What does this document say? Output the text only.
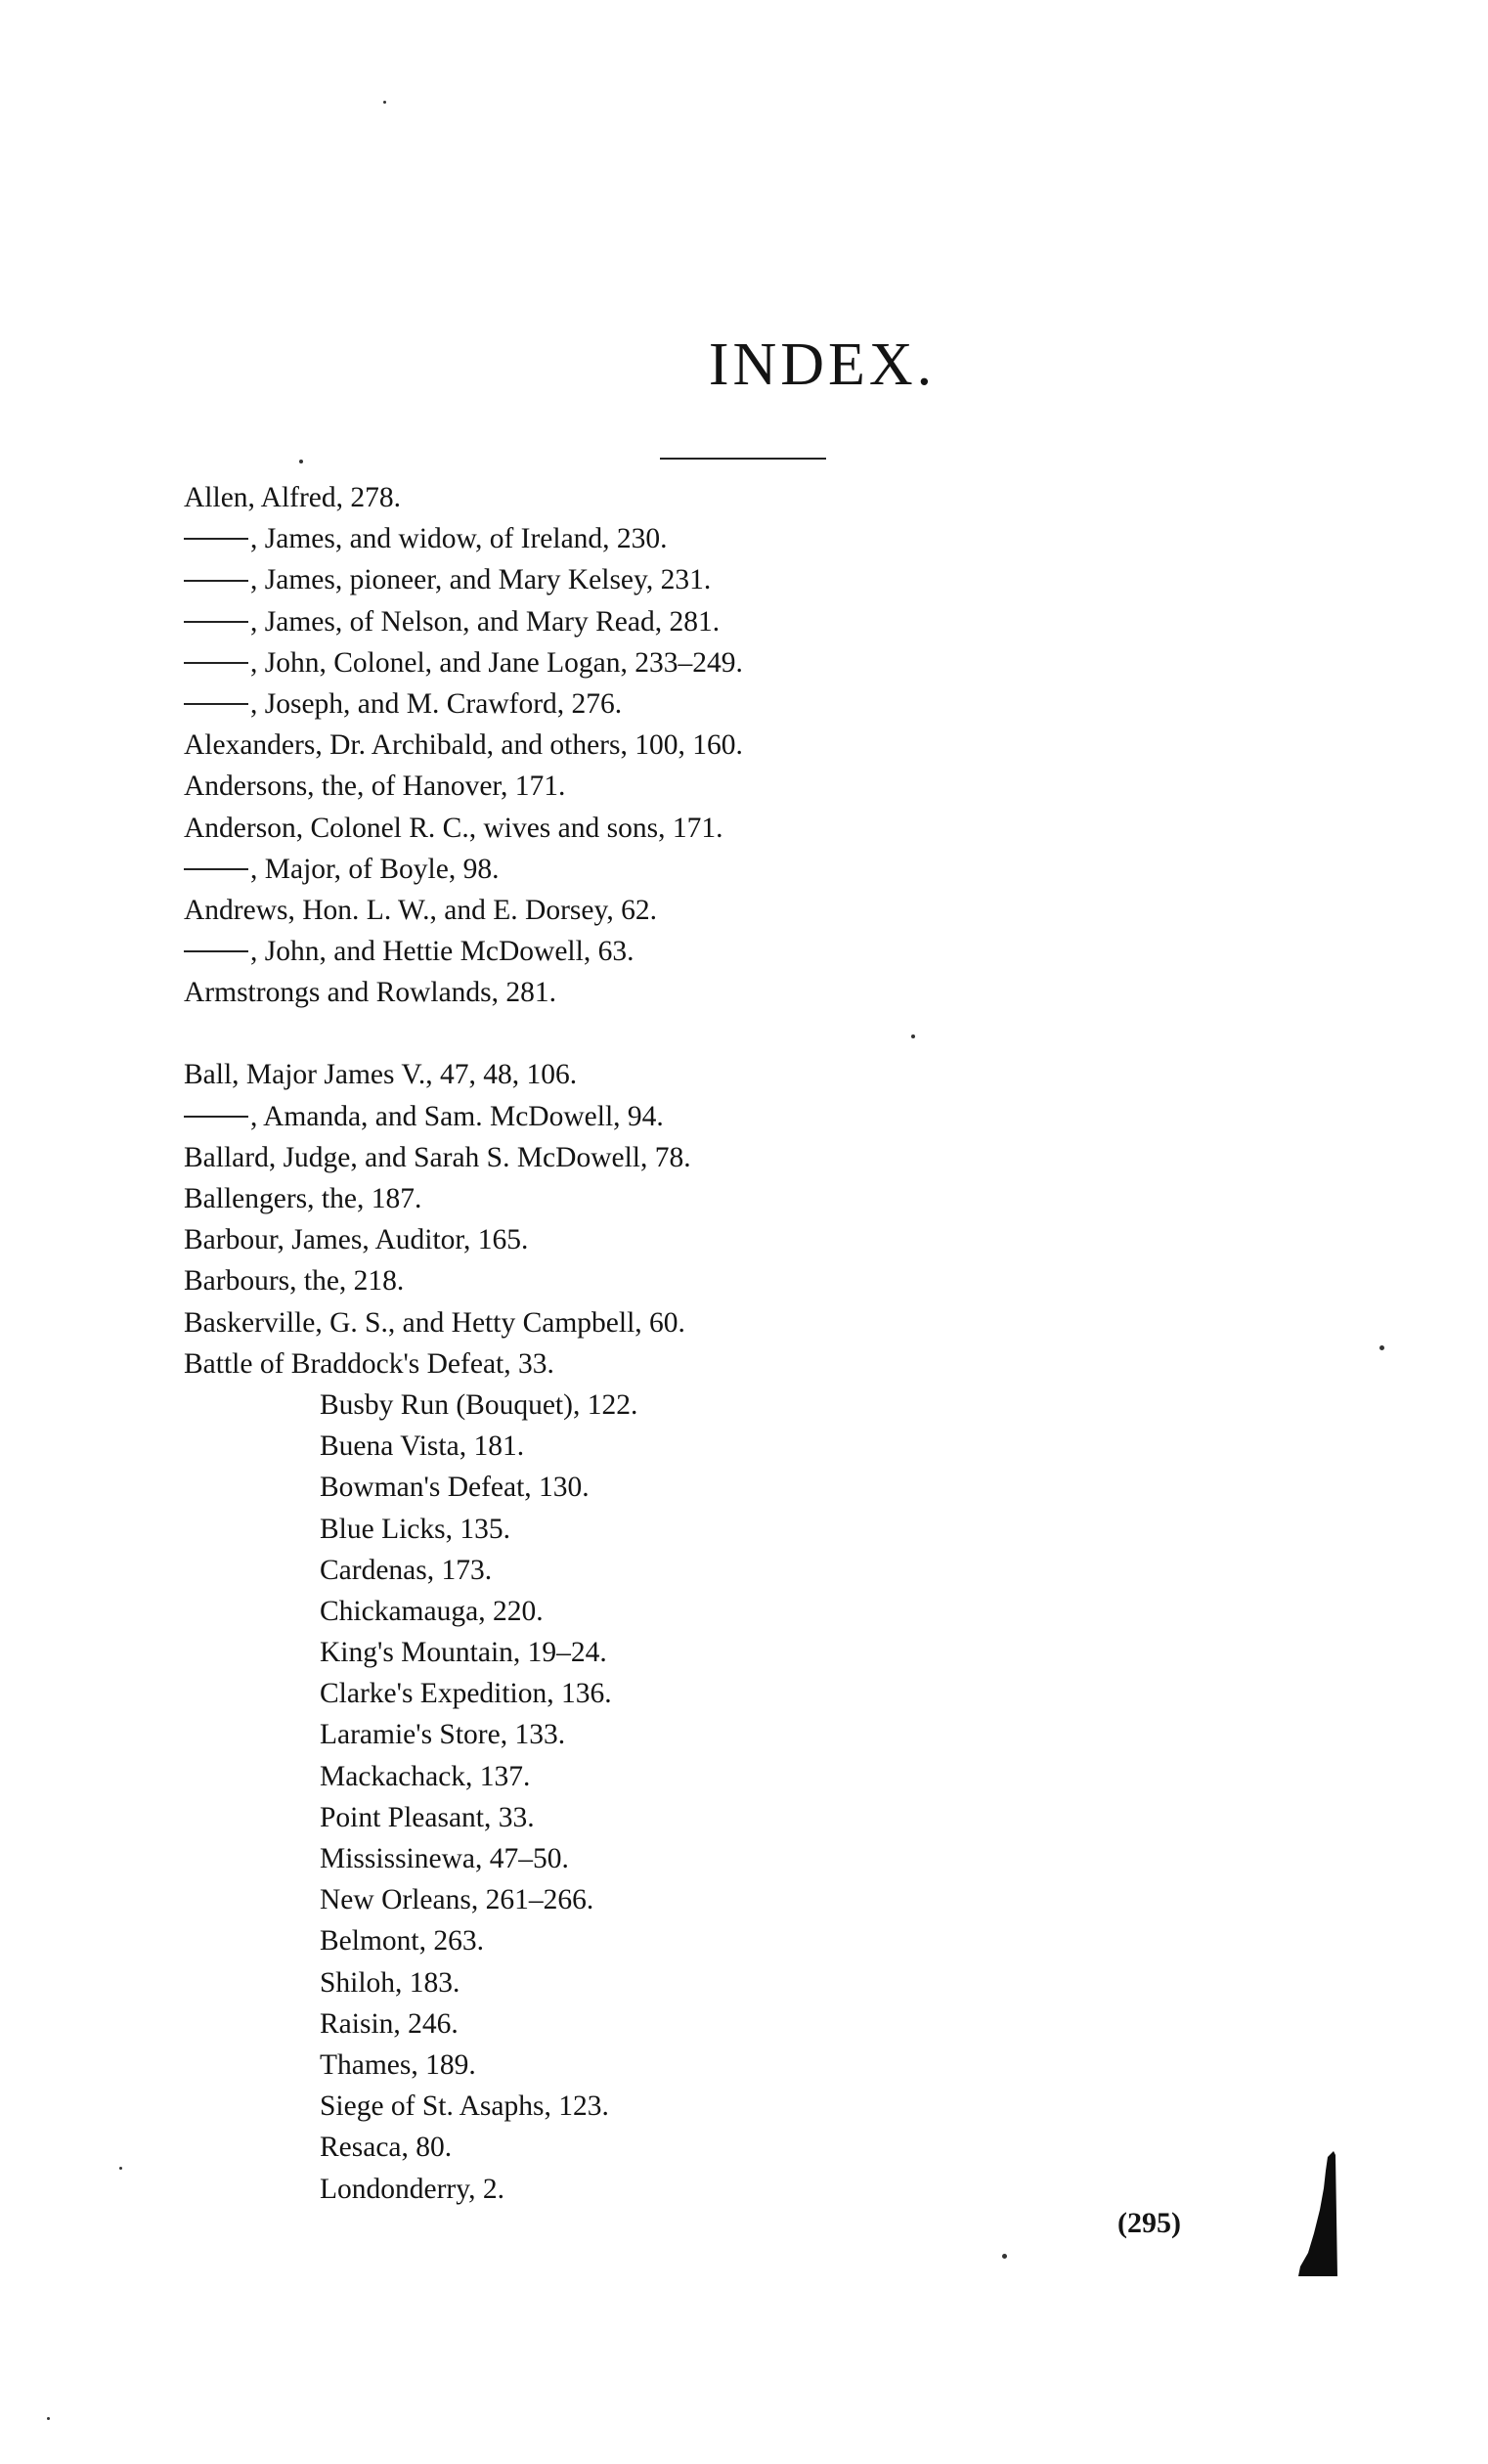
INDEX.
Allen, Alfred, 278.
, James, and widow, of Ireland, 230.
, James, pioneer, and Mary Kelsey, 231.
, James, of Nelson, and Mary Read, 281.
, John, Colonel, and Jane Logan, 233–249.
, Joseph, and M. Crawford, 276.
Alexanders, Dr. Archibald, and others, 100, 160.
Andersons, the, of Hanover, 171.
Anderson, Colonel R. C., wives and sons, 171.
, Major, of Boyle, 98.
Andrews, Hon. L. W., and E. Dorsey, 62.
, John, and Hettie McDowell, 63.
Armstrongs and Rowlands, 281.
Ball, Major James V., 47, 48, 106.
, Amanda, and Sam. McDowell, 94.
Ballard, Judge, and Sarah S. McDowell, 78.
Ballengers, the, 187.
Barbour, James, Auditor, 165.
Barbours, the, 218.
Baskerville, G. S., and Hetty Campbell, 60.
Battle of Braddock's Defeat, 33.
Busby Run (Bouquet), 122.
Buena Vista, 181.
Bowman's Defeat, 130.
Blue Licks, 135.
Cardenas, 173.
Chickamauga, 220.
King's Mountain, 19–24.
Clarke's Expedition, 136.
Laramie's Store, 133.
Mackachack, 137.
Point Pleasant, 33.
Mississinewa, 47–50.
New Orleans, 261–266.
Belmont, 263.
Shiloh, 183.
Raisin, 246.
Thames, 189.
Siege of St. Asaphs, 123.
Resaca, 80.
Londonderry, 2.
(295)
